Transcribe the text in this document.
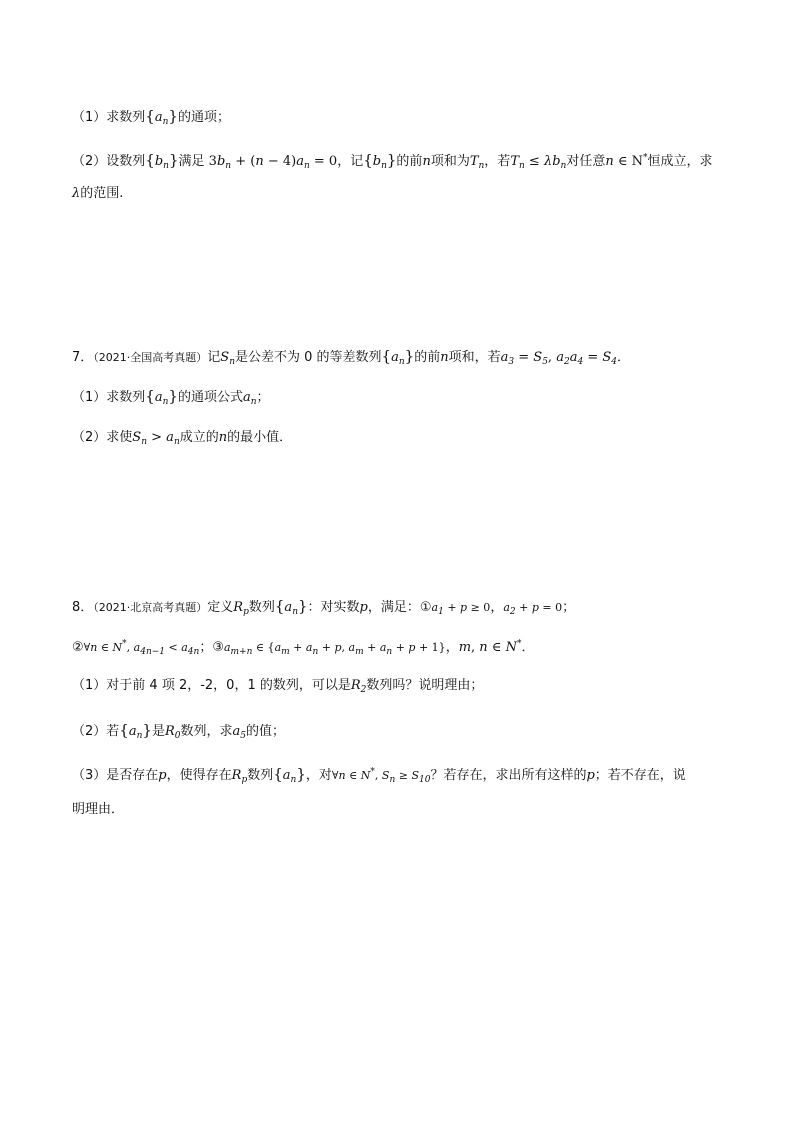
（1）求数列$\{a_n\}$的通项；
（2）设数列$\{b_n\}$满足 $3b_n + (n - 4)a_n = 0$，记$\{b_n\}$的前n项和为$T_n$，若$T_n \le \lambda b_n$对任意n ∈ N*恒成立，求
λ的范围.
7．（2021·全国高考真题）记$S_n$是公差不为 0 的等差数列$\{a_n\}$的前n项和，若$a_3 = S_5$, $a_2a_4 = S_4$．
（1）求数列$\{a_n\}$的通项公式$a_n$；
（2）求使$S_n > a_n$成立的n的最小值．
8．（2021·北京高考真题）定义$R_p$数列$\{a_n\}$：对实数p，满足：$①a_1 + p \ge 0$，$a_2 + p = 0$；
②∀n ∈ N*, $a_{4n-1} < a_{4n}$；$③a_{m+n}$ ∈ {$a_m + a_n + p$, $a_m + a_n + p + 1$}，m, n ∈ N*．
（1）对于前 4 项 2，-2，0，1 的数列，可以是$R_2$数列吗？说明理由；
（2）若$\{a_n\}$是$R_0$数列，求$a_5$的值；
（3）是否存在p，使得存在$R_p$数列$\{a_n\}$，对∀n ∈ N*, $S_n \ge S_{10}$？若存在，求出所有这样的p；若不存在，说
明理由．
